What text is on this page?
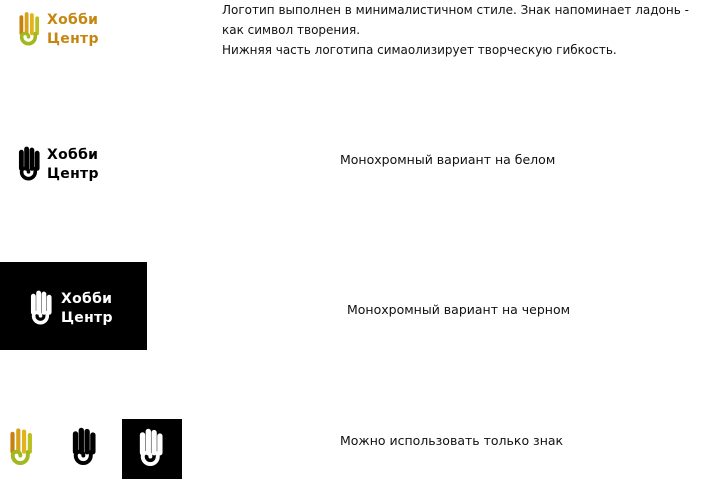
Хобби
Центр

Логотип выполнен в минималистичном стиле. Знак напоминает ладонь - как символ творения.

Нижняя часть логотипа симаолизирует творческую гибкость.

Хобби
Центр
Монохромный вариант на белом
Хобби
Центр
Монохромный вариант на черном
Можно использовать только знак
